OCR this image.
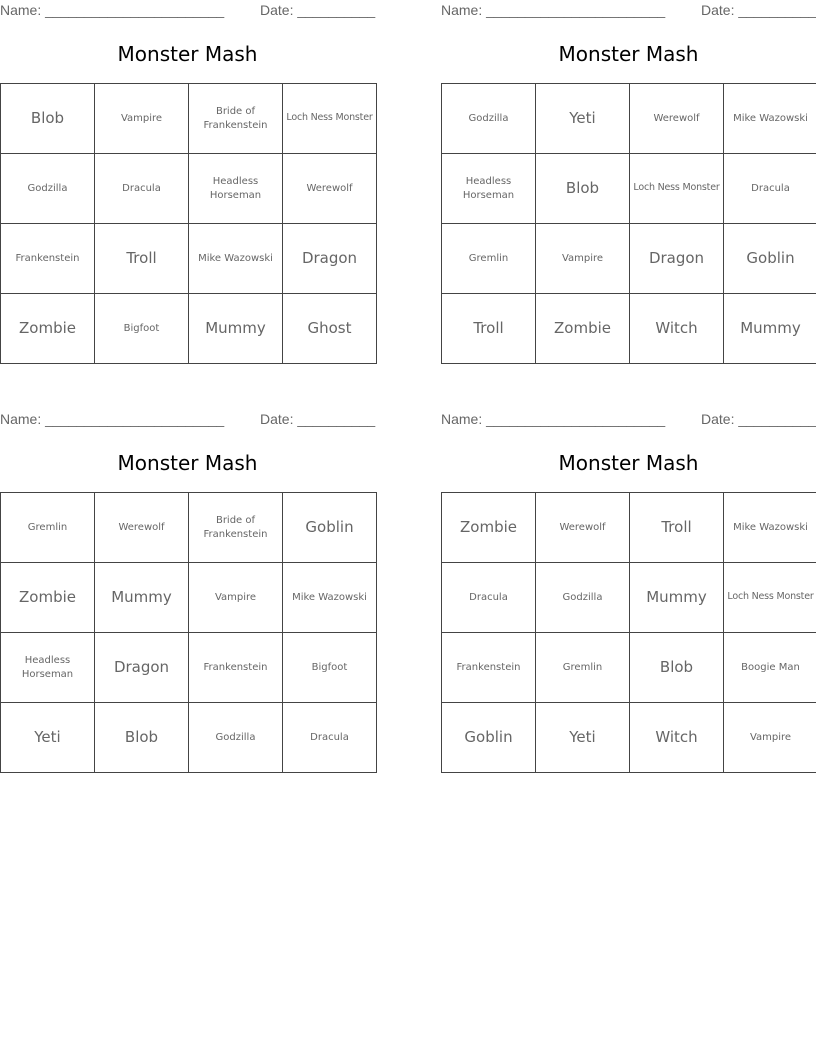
Name: _______________________	Date: __________
Monster Mash
Blob	Vampire	Bride of Frankenstein	Loch Ness Monster
Godzilla	Dracula	Headless Horseman	Werewolf
Frankenstein	Troll	Mike Wazowski	Dragon
Zombie	Bigfoot	Mummy	Ghost
Name: _______________________	Date: __________
Monster Mash
Godzilla	Yeti	Werewolf	Mike Wazowski
Headless Horseman	Blob	Loch Ness Monster	Dracula
Gremlin	Vampire	Dragon	Goblin
Troll	Zombie	Witch	Mummy
Name: _______________________	Date: __________
Monster Mash
Gremlin	Werewolf	Bride of Frankenstein	Goblin
Zombie	Mummy	Vampire	Mike Wazowski
Headless Horseman	Dragon	Frankenstein	Bigfoot
Yeti	Blob	Godzilla	Dracula
Name: _______________________	Date: __________
Monster Mash
Zombie	Werewolf	Troll	Mike Wazowski
Dracula	Godzilla	Mummy	Loch Ness Monster
Frankenstein	Gremlin	Blob	Boogie Man
Goblin	Yeti	Witch	Vampire
